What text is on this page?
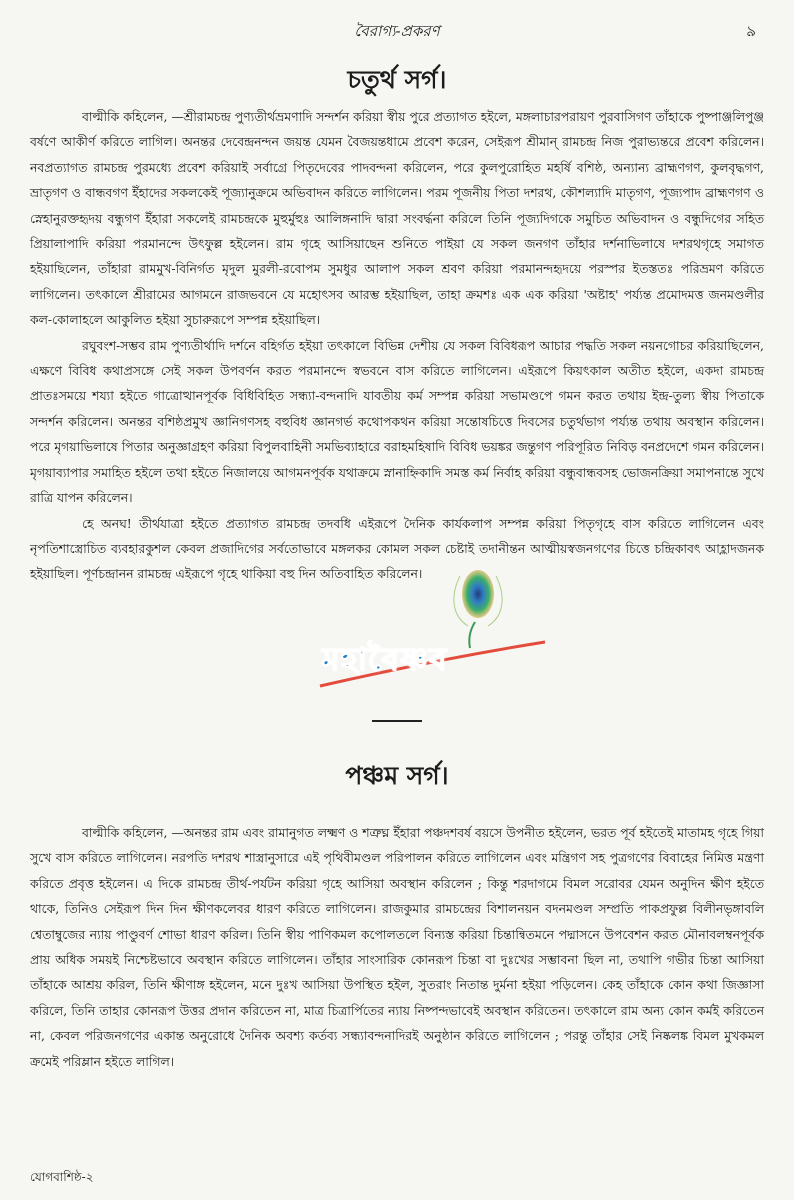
বৈরাগ্য-প্রকরণ	৯
চতুর্থ সর্গ।

বাল্মীকি কহিলেন, —শ্রীরামচন্দ্র পুণ্যতীর্থভ্রমণাদি সন্দর্শন করিয়া স্বীয় পুরে প্রত্যাগত হইলে, মঙ্গলাচারপরায়ণ পুরবাসিগণ তাঁহাকে পুষ্পাঞ্জলিপুঞ্জ বর্ষণে আকীর্ণ করিতে লাগিল। অনন্তর দেবেন্দ্রনন্দন জয়ন্ত যেমন বৈজয়ন্তধামে প্রবেশ করেন, সেইরূপ শ্রীমান্ রামচন্দ্র নিজ পুরাভ্যন্তরে প্রবেশ করিলেন। নবপ্রত্যাগত রামচন্দ্র পুরমধ্যে প্রবেশ করিয়াই সর্বাগ্রে পিতৃদেবের পাদবন্দনা করিলেন, পরে কুলপুরোহিত মহর্ষি বশিষ্ঠ, অন্যান্য ব্রাহ্মণগণ, কুলবৃদ্ধগণ, ভ্রাতৃগণ ও বান্ধবগণ ইঁহাদের সকলকেই পূজ্যানুক্রমে অভিবাদন করিতে লাগিলেন। পরম পূজনীয় পিতা দশরথ, কৌশল্যাদি মাতৃগণ, পূজ্যপাদ ব্রাহ্মণগণ ও স্নেহানুরক্তহৃদয় বন্ধুগণ ইঁহারা সকলেই রামচন্দ্রকে মুহুর্মুহুঃ আলিঙ্গনাদি দ্বারা সংবর্দ্ধনা করিলে তিনি পূজ্যদিগকে সমুচিত অভিবাদন ও বন্ধুদিগের সহিত প্রিয়ালাপাদি করিয়া পরমানন্দে উৎফুল্ল হইলেন। রাম গৃহে আসিয়াছেন শুনিতে পাইয়া যে সকল জনগণ তাঁহার দর্শনাভিলাষে দশরথগৃহে সমাগত হইয়াছিলেন, তাঁহারা রামমুখ-বিনির্গত মৃদুল মুরলী-রবোপম সুমধুর আলাপ সকল শ্রবণ করিয়া পরমানন্দহৃদয়ে পরস্পর ইতস্ততঃ পরিভ্রমণ করিতে লাগিলেন। তৎকালে শ্রীরামের আগমনে রাজভবনে যে মহোৎসব আরম্ভ হইয়াছিল, তাহা ক্রমশঃ এক এক করিয়া 'অষ্টাহ' পর্য্যন্ত প্রমোদমত্ত জনমণ্ডলীর কল-কোলাহলে আকুলিত হইয়া সুচারুরূপে সম্পন্ন হইয়াছিল।

রঘুবংশ-সম্ভব রাম পুণ্যতীর্থাদি দর্শনে বহির্গত হইয়া তৎকালে বিভিন্ন দেশীয় যে সকল বিবিধরূপ আচার পদ্ধতি সকল নয়নগোচর করিয়াছিলেন, এক্ষণে বিবিধ কথাপ্রসঙ্গে সেই সকল উপবর্ণন করত পরমানন্দে স্বভবনে বাস করিতে লাগিলেন। এইরূপে কিয়ৎকাল অতীত হইলে, একদা রামচন্দ্র প্রাতঃসময়ে শয্যা হইতে গাত্রোত্থানপূর্বক বিধিবিহিত সন্ধ্যা-বন্দনাদি যাবতীয় কর্ম সম্পন্ন করিয়া সভামণ্ডপে গমন করত তথায় ইন্দ্র-তুল্য স্বীয় পিতাকে সন্দর্শন করিলেন। অনন্তর বশিষ্ঠপ্রমুখ জ্ঞানিগণসহ বহুবিধ জ্ঞানগর্ভ কথোপকথন করিয়া সন্তোষচিত্তে দিবসের চতুর্থভাগ পর্য্যন্ত তথায় অবস্থান করিলেন। পরে মৃগয়াভিলাষে পিতার অনুজ্ঞাগ্রহণ করিয়া বিপুলবাহিনী সমভিব্যাহারে বরাহমহিষাদি বিবিধ ভয়ঙ্কর জন্তুগণ পরিপূরিত নিবিড় বনপ্রদেশে গমন করিলেন। মৃগয়াব্যাপার সমাহিত হইলে তথা হইতে নিজালয়ে আগমনপূর্বক যথাক্রমে স্নানাহ্নিকাদি সমস্ত কর্ম নির্বাহ করিয়া বন্ধুবান্ধবসহ ভোজনক্রিয়া সমাপনান্তে সুখে রাত্রি যাপন করিলেন।

হে অনঘ! তীর্থযাত্রা হইতে প্রত্যাগত রামচন্দ্র তদবধি এইরূপে দৈনিক কার্যকলাপ সম্পন্ন করিয়া পিতৃগৃহে বাস করিতে লাগিলেন এবং নৃপতিশাস্ত্রোচিত ব্যবহারকুশল কেবল প্রজাদিগের সর্বতোভাবে মঙ্গলকর কোমল সকল চেষ্টাই তদানীন্তন আত্মীয়স্বজনগণের চিত্তে চন্দ্রিকাবৎ আহ্লাদজনক হইয়াছিল। পূর্ণচন্দ্রানন রামচন্দ্র এইরূপে গৃহে থাকিয়া বহু দিন অতিবাহিত করিলেন।

পঞ্চম সর্গ।

বাল্মীকি কহিলেন, —অনন্তর রাম এবং রামানুগত লক্ষ্মণ ও শত্রুঘ্ন ইঁহারা পঞ্চদশবর্ষ বয়সে উপনীত হইলেন, ভরত পূর্ব হইতেই মাতামহ গৃহে গিয়া সুখে বাস করিতে লাগিলেন। নরপতি দশরথ শাস্ত্রানুসারে এই পৃথিবীমণ্ডল পরিপালন করিতে লাগিলেন এবং মন্ত্রিগণ সহ পুত্রগণের বিবাহের নিমিত্ত মন্ত্রণা করিতে প্রবৃত্ত হইলেন। এ দিকে রামচন্দ্র তীর্থ-পর্যটন করিয়া গৃহে আসিয়া অবস্থান করিলেন ; কিন্তু শরদাগমে বিমল সরোবর যেমন অনুদিন ক্ষীণ হইতে থাকে, তিনিও সেইরূপ দিন দিন ক্ষীণকলেবর ধারণ করিতে লাগিলেন। রাজকুমার রামচন্দ্রের বিশালনয়ন বদনমণ্ডল সম্প্রতি পাকপ্রফুল্ল বিলীনভৃঙ্গাবলি শ্বেতাম্বুজের ন্যায় পাণ্ডুবর্ণ শোভা ধারণ করিল। তিনি স্বীয় পাণিকমল কপোলতলে বিন্যস্ত করিয়া চিন্তান্বিতমনে পদ্মাসনে উপবেশন করত মৌনাবলম্বনপূর্বক প্রায় অধিক সময়ই নিশ্চেষ্টভাবে অবস্থান করিতে লাগিলেন। তাঁহার সাংসারিক কোনরূপ চিন্তা বা দুঃখের সম্ভাবনা ছিল না, তথাপি গভীর চিন্তা আসিয়া তাঁহাকে আশ্রয় করিল, তিনি ক্ষীণাঙ্গ হইলেন, মনে দুঃখ আসিয়া উপস্থিত হইল, সুতরাং নিতান্ত দুর্মনা হইয়া পড়িলেন। কেহ তাঁহাকে কোন কথা জিজ্ঞাসা করিলে, তিনি তাহার কোনরূপ উত্তর প্রদান করিতেন না, মাত্র চিত্রার্পিতের ন্যায় নিষ্পন্দভাবেই অবস্থান করিতেন। তৎকালে রাম অন্য কোন কর্মই করিতেন না, কেবল পরিজনগণের একান্ত অনুরোধে দৈনিক অবশ্য কর্তব্য সন্ধ্যাবন্দনাদিরই অনুষ্ঠান করিতে লাগিলেন ; পরন্তু তাঁহার সেই নিষ্কলঙ্ক বিমল মুখকমল ক্রমেই পরিম্লান হইতে লাগিল।

যোগবাশিষ্ঠ-২
মহাবৈষ্ণব
